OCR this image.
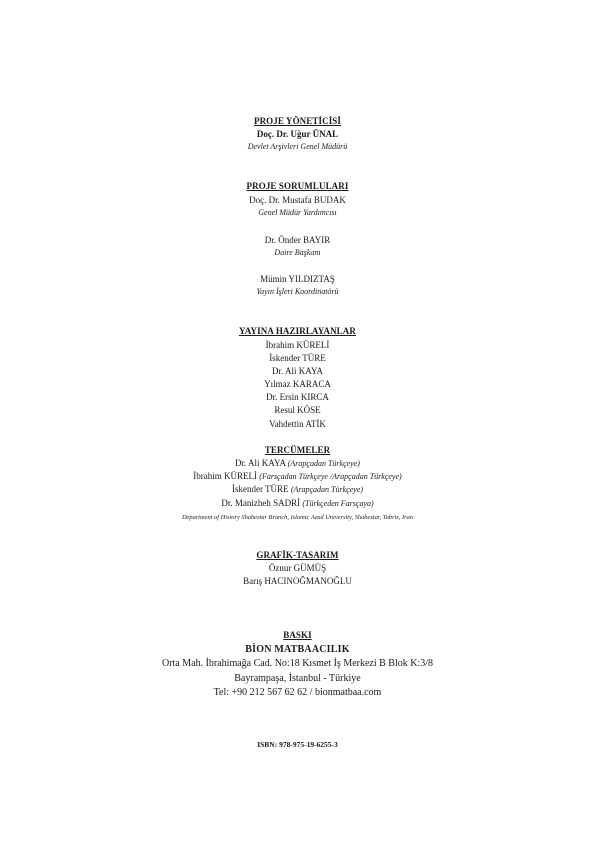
PROJE YÖNETİCİSİ
Doç. Dr. Uğur ÜNAL
Devlet Arşivleri Genel Müdürü
PROJE SORUMLULARI
Doç. Dr. Mustafa BUDAK
Genel Müdür Yardımcısı
Dr. Önder BAYIR
Daire Başkanı
Mümin YILDIZTAŞ
Yayın İşleri Koordinatörü
YAYINA HAZIRLAYANLAR
İbrahim KÜRELİ
İskender TÜRE
Dr. Ali KAYA
Yılmaz KARACA
Dr. Ersin KIRCA
Resul KÖSE
Vahdettin ATİK
TERCÜMELER
Dr. Ali KAYA (Arapçadan Türkçeye)
İbrahim KÜRELİ (Farsçadan Türkçeye /Arapçadan Türkçeye)
İskender TÜRE (Arapçadan Türkçeye)
Dr. Manizheh SADRİ (Türkçeden Farsçaya)
Department of History Shabestar Branch, Islamic Azad University, Shabestar, Tabriz, Iran
GRAFİK-TASARIM
Öznur GÜMÜŞ
Barış HACINOĞMANOĞLU
BASKI
BİON MATBAACILIK
Orta Mah. İbrahimağa Cad. No:18 Kısmet İş Merkezi B Blok K:3/8
Bayrampaşa, İstanbul - Türkiye
Tel: +90 212 567 62 62 / bionmatbaa.com
ISBN: 978-975-19-6255-3
